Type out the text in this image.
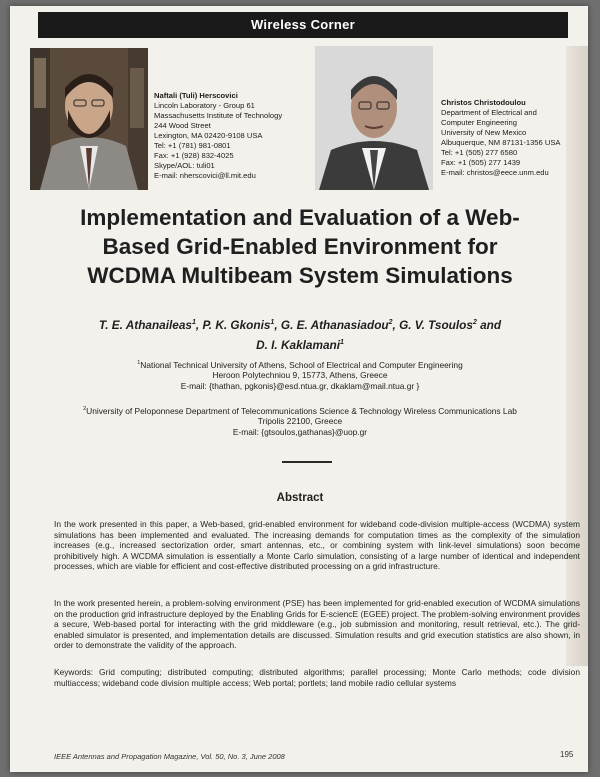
Wireless Corner
Naftali (Tuli) Herscovici
Lincoln Laboratory - Group 61
Massachusetts Institute of Technology
244 Wood Street
Lexington, MA 02420-9108 USA
Tel: +1 (781) 981-0801
Fax: +1 (928) 832-4025
Skype/AOL: tuli01
E-mail: nherscovici@ll.mit.edu
Christos Christodoulou
Department of Electrical and
Computer Engineering
University of New Mexico
Albuquerque, NM 87131-1356 USA
Tel: +1 (505) 277 6580
Fax: +1 (505) 277 1439
E-mail: christos@eece.unm.edu
Implementation and Evaluation of a Web-
Based Grid-Enabled Environment for
WCDMA Multibeam System Simulations
T. E. Athanaileas$^1$, P. K. Gkonis$^1$, G. E. Athanasiadou$^2$, G. V. Tsoulos$^2$ and
D. I. Kaklamani$^1$
$^1$National Technical University of Athens, School of Electrical and Computer Engineering
Heroon Polytechniou 9, 15773, Athens, Greece
E-mail: {thathan, pgkonis}@esd.ntua.gr, dkaklam@mail.ntua.gr }
$^2$University of Peloponnese Department of Telecommunications Science & Technology Wireless Communications Lab
Tripolis 22100, Greece
E-mail: {gtsoulos,gathanas}@uop.gr
Abstract
In the work presented in this paper, a Web-based, grid-enabled environment for wideband code-division multiple-access (WCDMA) system simulations has been implemented and evaluated. The increasing demands for computation times as the complexity of the simulation increases (e.g., increased sectorization order, smart antennas, etc., or combining system with link-level simulations) soon become prohibitively high. A WCDMA simulation is essentially a Monte Carlo simulation, consisting of a large number of identical and independent processes, which are viable for efficient and cost-effective distributed processing on a grid infrastructure.
In the work presented herein, a problem-solving environment (PSE) has been implemented for grid-enabled execution of WCDMA simulations on the production grid infrastructure deployed by the Enabling Grids for E-sciencE (EGEE) project. The problem-solving environment provides a secure, Web-based portal for interacting with the grid middleware (e.g., job submission and monitoring, result retrieval, etc.). The grid-enabled simulator is presented, and implementation details are discussed. Simulation results and grid execution statistics are also shown, in order to demonstrate the validity of the approach.
Keywords: Grid computing; distributed computing; distributed algorithms; parallel processing; Monte Carlo methods; code division multiaccess; wideband code division multiple access; Web portal; portlets; land mobile radio cellular systems
IEEE Antennas and Propagation Magazine, Vol. 50, No. 3, June 2008	195
